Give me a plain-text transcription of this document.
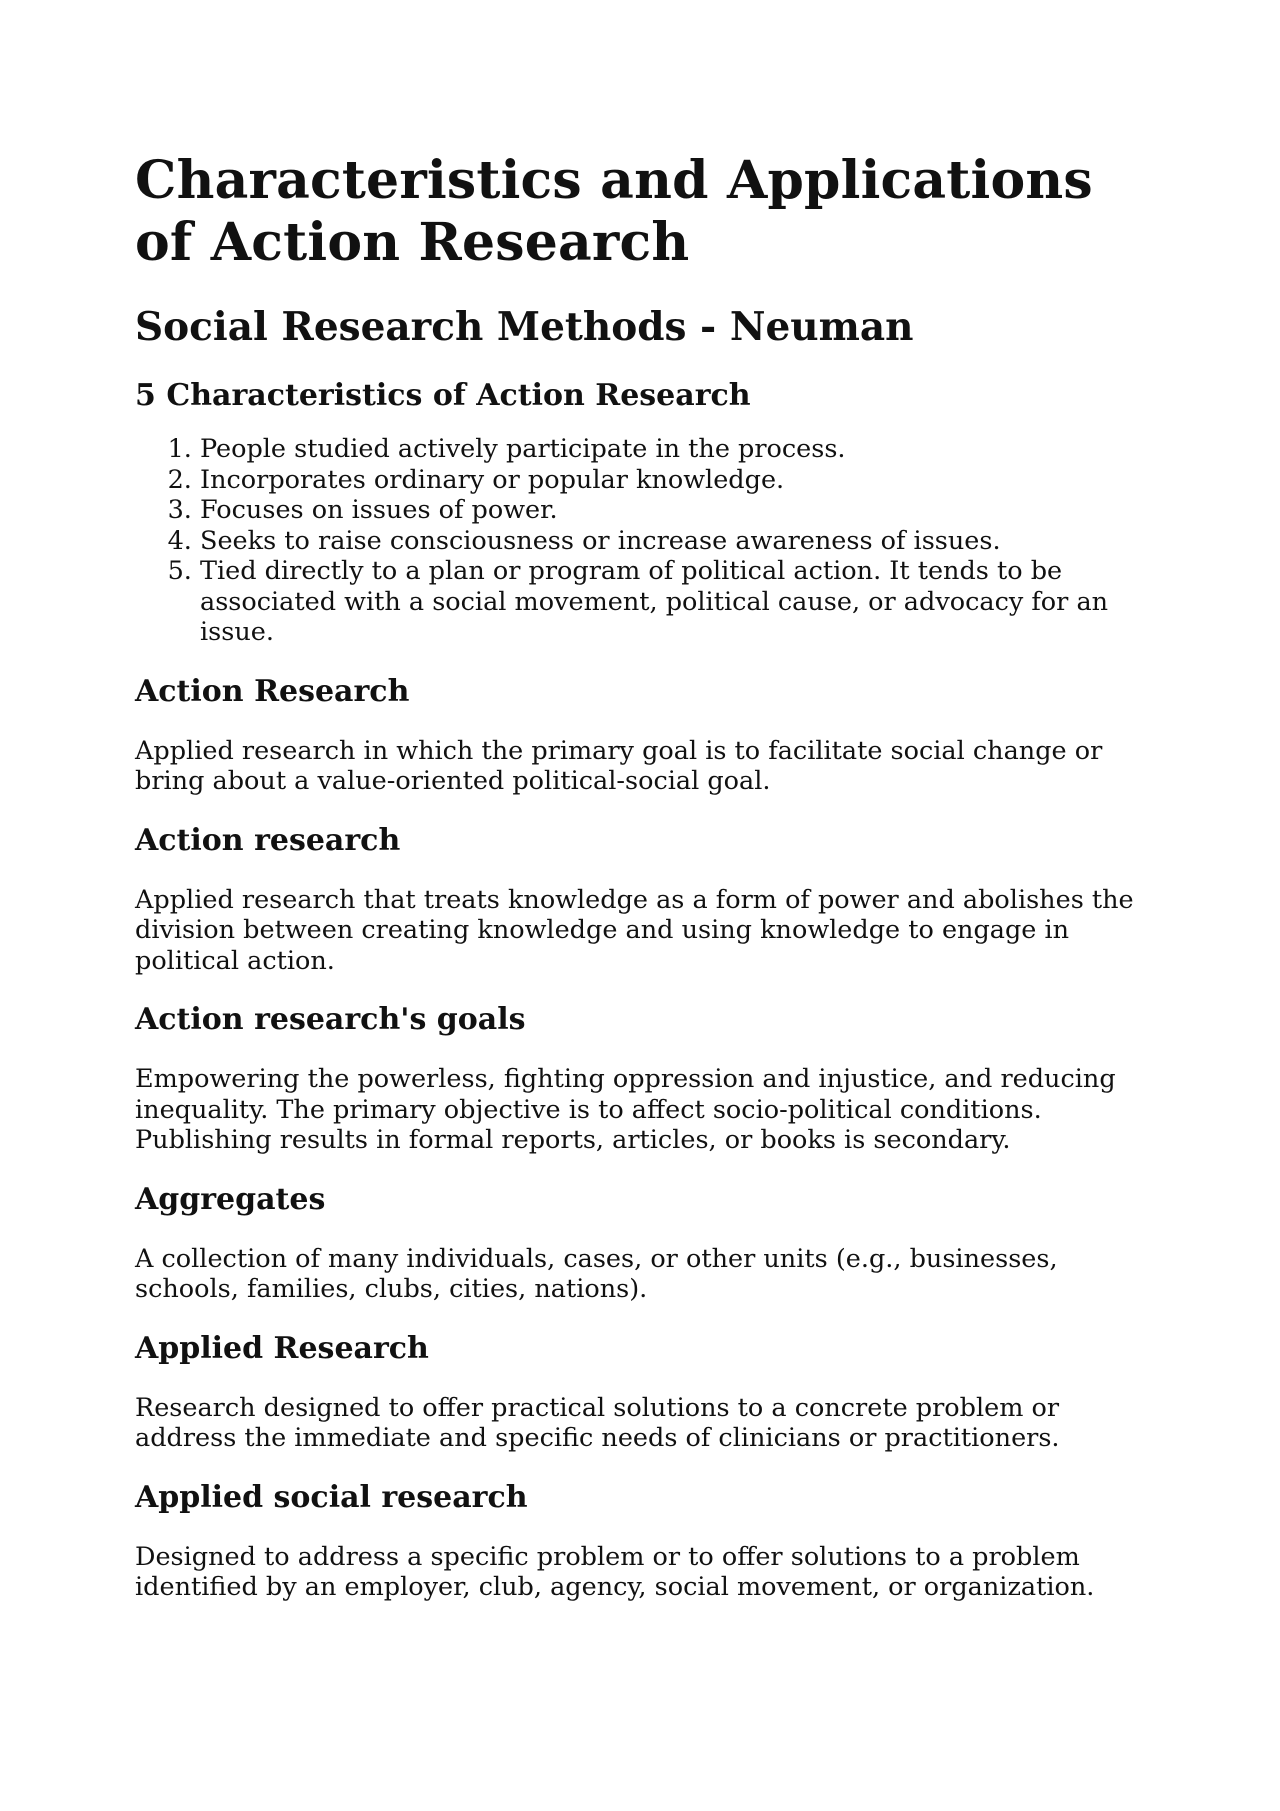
Characteristics and Applications of Action Research
Social Research Methods - Neuman
5 Characteristics of Action Research
1. People studied actively participate in the process.
2. Incorporates ordinary or popular knowledge.
3. Focuses on issues of power.
4. Seeks to raise consciousness or increase awareness of issues.
5. Tied directly to a plan or program of political action. It tends to be associated with a social movement, political cause, or advocacy for an issue.
Action Research

Applied research in which the primary goal is to facilitate social change or bring about a value-oriented political-social goal.

Action research

Applied research that treats knowledge as a form of power and abolishes the division between creating knowledge and using knowledge to engage in political action.

Action research's goals

Empowering the powerless, fighting oppression and injustice, and reducing inequality. The primary objective is to affect socio-political conditions. Publishing results in formal reports, articles, or books is secondary.

Aggregates

A collection of many individuals, cases, or other units (e.g., businesses, schools, families, clubs, cities, nations).

Applied Research

Research designed to offer practical solutions to a concrete problem or address the immediate and specific needs of clinicians or practitioners.

Applied social research

Designed to address a specific problem or to offer solutions to a problem identified by an employer, club, agency, social movement, or organization.
